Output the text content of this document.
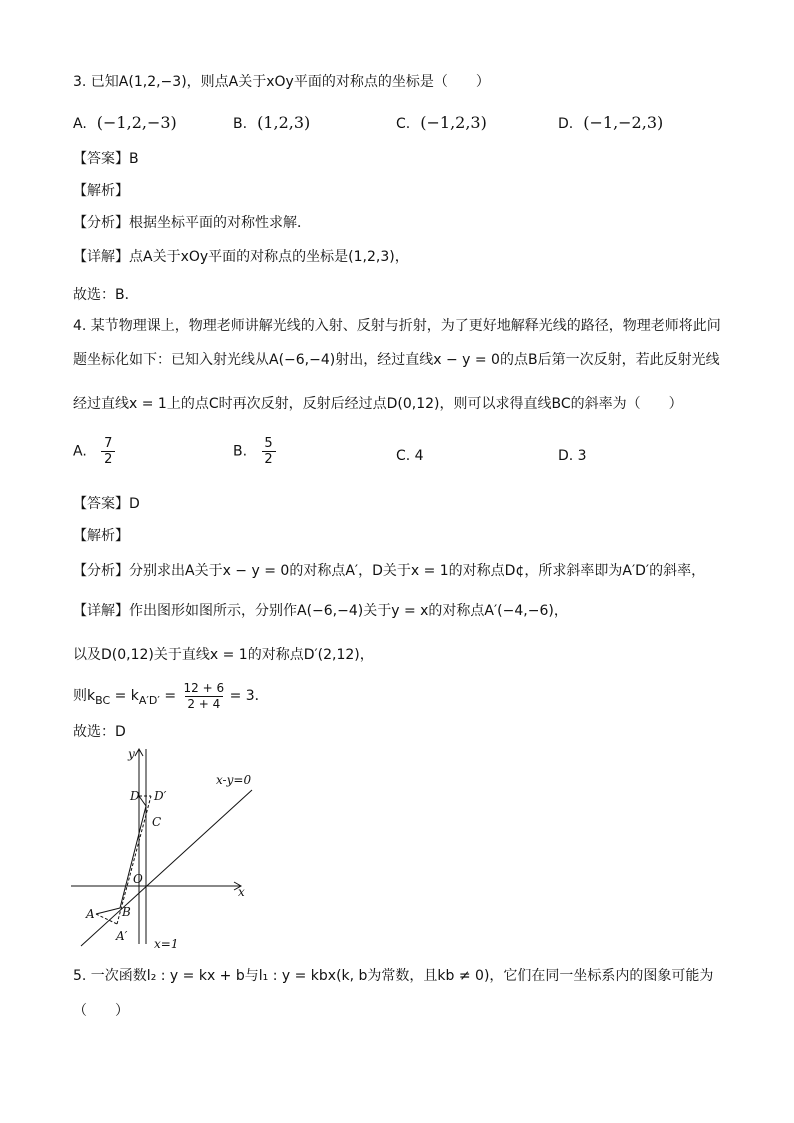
3. 已知A(1,2,−3)，则点A关于xOy平面的对称点的坐标是（　　）
A. (−1,2,−3)	B. (1,2,3)	C. (−1,2,3)	D. (−1,−2,3)
【答案】B
【解析】
【分析】根据坐标平面的对称性求解．
【详解】点A关于xOy平面的对称点的坐标是(1,2,3)，
故选：B．
4. 某节物理课上，物理老师讲解光线的入射、反射与折射，为了更好地解释光线的路径，物理老师将此问
题坐标化如下：已知入射光线从A(−6,−4)射出，经过直线x − y = 0的点B后第一次反射，若此反射光线
经过直线x = 1上的点C时再次反射，反射后经过点D(0,12)，则可以求得直线BC的斜率为（　　）
A. $\frac{7}{2}$	B. $\frac{5}{2}$	C. 4	D. 3
【答案】D
【解析】
【分析】分别求出A关于x − y = 0的对称点A′，D关于x = 1的对称点D¢，所求斜率即为A′D′的斜率，
【详解】作出图形如图所示，分别作A(−6,−4)关于y = x的对称点A′(−4,−6)，
以及D(0,12)关于直线x = 1的对称点D′(2,12)，
则$k_{BC} = k_{A'D'} = \frac{12 + 6}{2 + 4} = 3$．
故选：D
y
x
O
x-y=0
x=1
A B
C
D D′
A′
5. 一次函数l₂ : y = kx + b与l₁ : y = kbx(k, b为常数，且kb ≠ 0)，它们在同一坐标系内的图象可能为
（　　）
